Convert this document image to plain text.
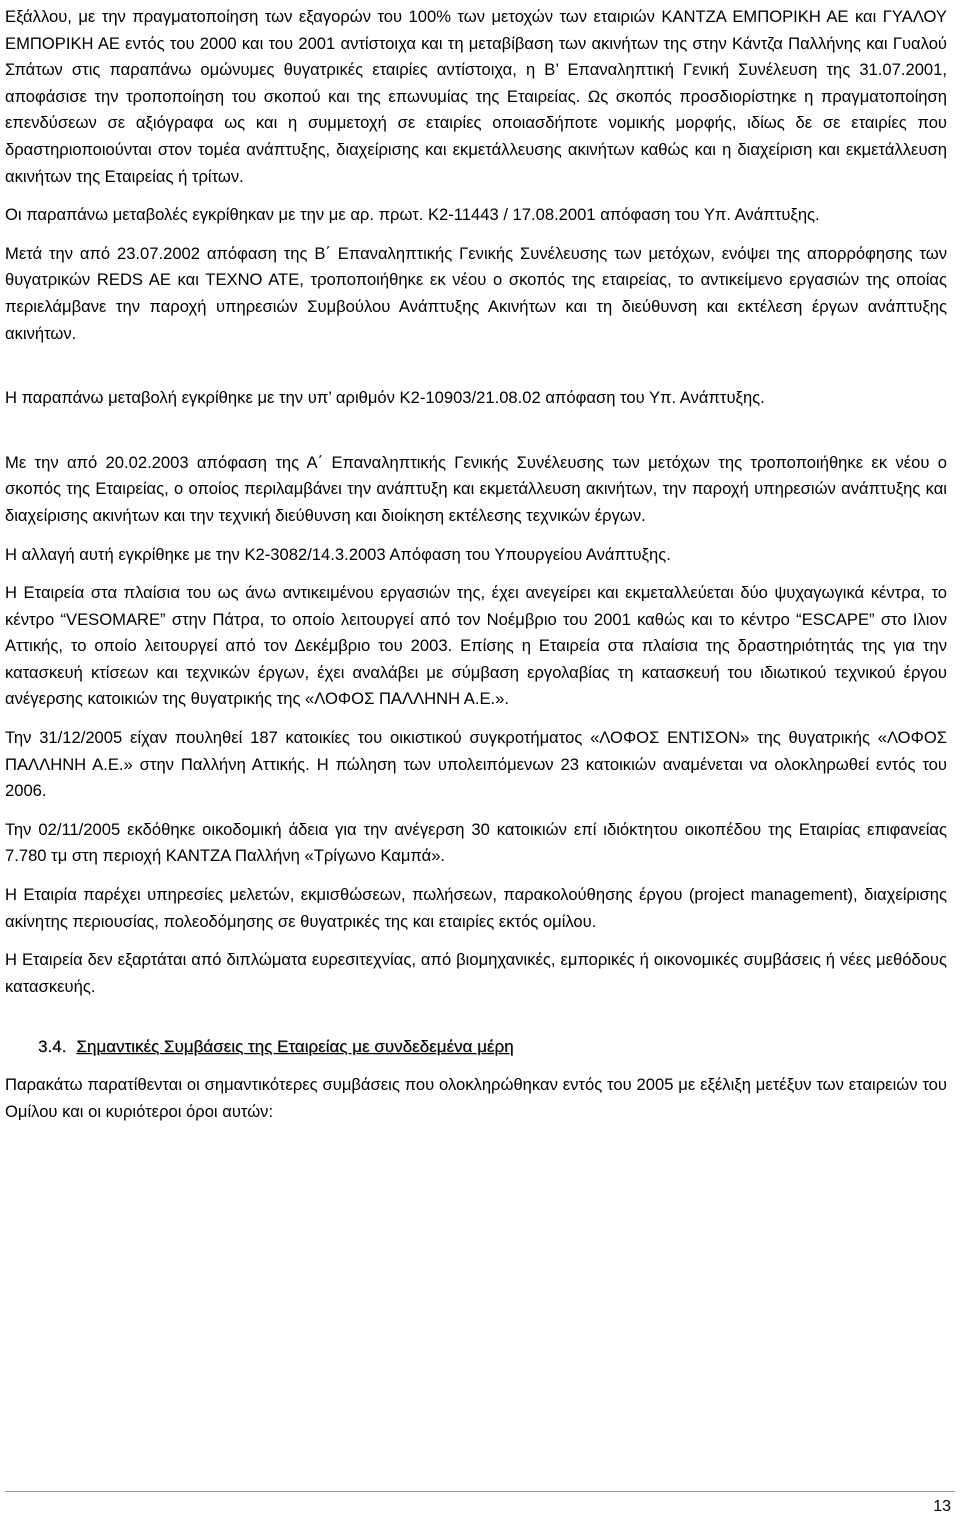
Εξάλλου, με την πραγματοποίηση των εξαγορών του 100% των μετοχών των εταιριών ΚΑΝΤΖΑ ΕΜΠΟΡΙΚΗ ΑΕ και ΓΥΑΛΟΥ ΕΜΠΟΡΙΚΗ ΑΕ εντός του 2000 και του 2001 αντίστοιχα και τη μεταβίβαση των ακινήτων της στην Κάντζα Παλλήνης και Γυαλού Σπάτων στις παραπάνω ομώνυμες θυγατρικές εταιρίες αντίστοιχα, η Β’ Επαναληπτική Γενική Συνέλευση της 31.07.2001, αποφάσισε την τροποποίηση του σκοπού και της επωνυμίας της Εταιρείας. Ως σκοπός προσδιορίστηκε η πραγματοποίηση επενδύσεων σε αξιόγραφα ως και η συμμετοχή σε εταιρίες οποιασδήποτε νομικής μορφής, ιδίως δε σε εταιρίες που δραστηριοποιούνται στον τομέα ανάπτυξης, διαχείρισης και εκμετάλλευσης ακινήτων καθώς και η διαχείριση και εκμετάλλευση ακινήτων της Εταιρείας ή τρίτων.

Οι παραπάνω μεταβολές εγκρίθηκαν με την με αρ. πρωτ. Κ2-11443 / 17.08.2001 απόφαση του Υπ. Ανάπτυξης.

Μετά την από 23.07.2002 απόφαση της Β΄ Επαναληπτικής Γενικής Συνέλευσης των μετόχων, ενόψει της απορρόφησης των θυγατρικών REDS AE και ΤΕΧΝΟ ΑΤΕ, τροποποιήθηκε εκ νέου ο σκοπός της εταιρείας, το αντικείμενο εργασιών της οποίας περιελάμβανε την παροχή υπηρεσιών Συμβούλου Ανάπτυξης Ακινήτων και τη διεύθυνση και εκτέλεση έργων ανάπτυξης ακινήτων.

Η παραπάνω μεταβολή εγκρίθηκε με την υπ’ αριθμόν Κ2-10903/21.08.02 απόφαση του Υπ. Ανάπτυξης.

Με την από 20.02.2003 απόφαση της Α΄ Επαναληπτικής Γενικής Συνέλευσης των μετόχων της τροποποιήθηκε εκ νέου ο σκοπός της Εταιρείας, ο οποίος περιλαμβάνει την ανάπτυξη και εκμετάλλευση ακινήτων, την παροχή υπηρεσιών ανάπτυξης και διαχείρισης ακινήτων και την τεχνική διεύθυνση και διοίκηση εκτέλεσης τεχνικών έργων.

Η αλλαγή αυτή εγκρίθηκε με την Κ2-3082/14.3.2003 Απόφαση του Υπουργείου Ανάπτυξης.

Η Εταιρεία στα πλαίσια του ως άνω αντικειμένου εργασιών της, έχει ανεγείρει και εκμεταλλεύεται δύο ψυχαγωγικά κέντρα, το κέντρο “VESOMARE” στην Πάτρα, το οποίο λειτουργεί από τον Νοέμβριο του 2001 καθώς και το κέντρο “ESCAPE” στο Ιλιον Αττικής, το οποίο λειτουργεί από τον Δεκέμβριο του 2003. Επίσης η Εταιρεία στα πλαίσια της δραστηριότητάς της για την κατασκευή κτίσεων και τεχνικών έργων, έχει αναλάβει με σύμβαση εργολαβίας τη κατασκευή του ιδιωτικού τεχνικού έργου ανέγερσης κατοικιών της θυγατρικής της «ΛΟΦΟΣ ΠΑΛΛΗΝΗ Α.Ε.».

Την 31/12/2005 είχαν πουληθεί 187 κατοικίες του οικιστικού συγκροτήματος «ΛΟΦΟΣ ΕΝΤΙΣΟΝ» της θυγατρικής «ΛΟΦΟΣ ΠΑΛΛΗΝΗ Α.Ε.» στην Παλλήνη Αττικής. Η πώληση των υπολειπόμενων 23 κατοικιών αναμένεται να ολοκληρωθεί εντός του 2006.

Την 02/11/2005 εκδόθηκε οικοδομική άδεια για την ανέγερση 30 κατοικιών επί ιδιόκτητου οικοπέδου της Εταιρίας επιφανείας 7.780 τμ στη περιοχή ΚΑΝΤΖΑ Παλλήνη «Τρίγωνο Καμπά».

Η Εταιρία παρέχει υπηρεσίες μελετών, εκμισθώσεων, πωλήσεων, παρακολούθησης έργου (project management), διαχείρισης ακίνητης περιουσίας, πολεοδόμησης σε θυγατρικές της και εταιρίες εκτός ομίλου.

Η Εταιρεία δεν εξαρτάται από διπλώματα ευρεσιτεχνίας, από βιομηχανικές, εμπορικές ή οικονομικές συμβάσεις ή νέες μεθόδους κατασκευής.

3.4. Σημαντικές Συμβάσεις της Εταιρείας με συνδεδεμένα μέρη

Παρακάτω παρατίθενται οι σημαντικότερες συμβάσεις που ολοκληρώθηκαν εντός του 2005 με εξέλιξη μετέξυν των εταιρειών του Ομίλου και οι κυριότεροι όροι αυτών:

13
